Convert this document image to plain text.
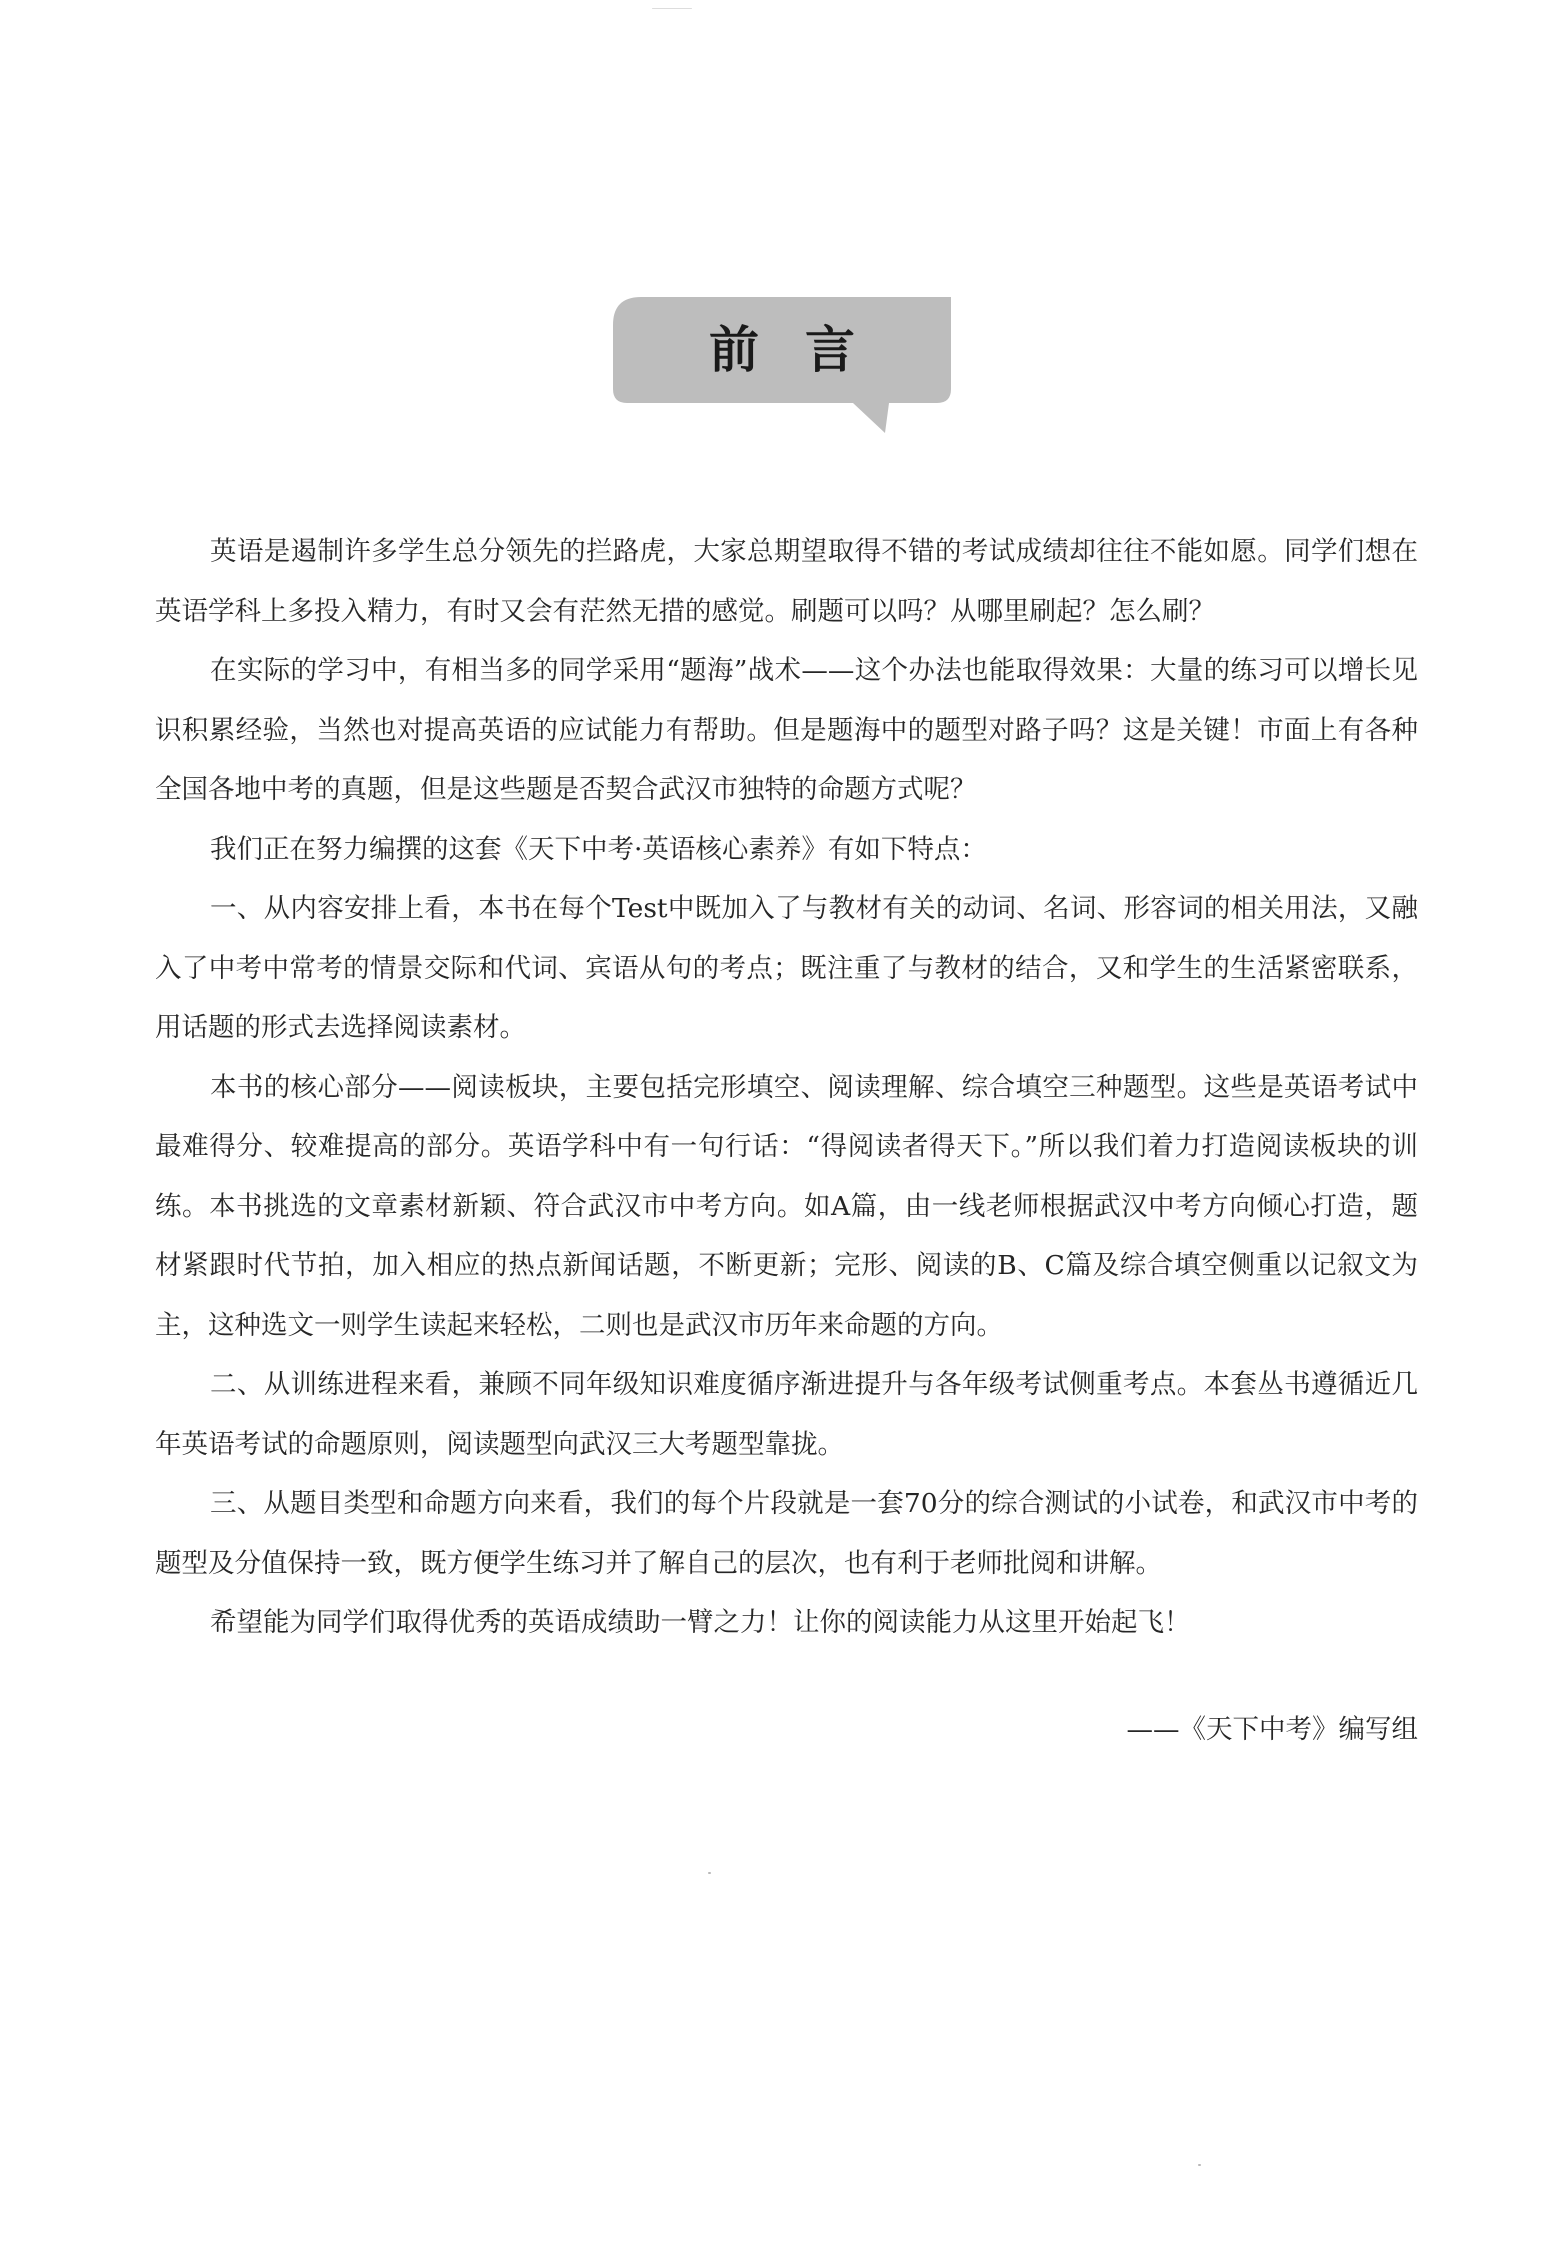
前言

英语是遏制许多学生总分领先的拦路虎，大家总期望取得不错的考试成绩却往往不能如愿。同学们想在英语学科上多投入精力，有时又会有茫然无措的感觉。刷题可以吗？从哪里刷起？怎么刷？

在实际的学习中，有相当多的同学采用“题海”战术——这个办法也能取得效果：大量的练习可以增长见识积累经验，当然也对提高英语的应试能力有帮助。但是题海中的题型对路子吗？这是关键！市面上有各种全国各地中考的真题，但是这些题是否契合武汉市独特的命题方式呢？

我们正在努力编撰的这套《天下中考·英语核心素养》有如下特点：

一、从内容安排上看，本书在每个Test中既加入了与教材有关的动词、名词、形容词的相关用法，又融入了中考中常考的情景交际和代词、宾语从句的考点；既注重了与教材的结合，又和学生的生活紧密联系，用话题的形式去选择阅读素材。

本书的核心部分——阅读板块，主要包括完形填空、阅读理解、综合填空三种题型。这些是英语考试中最难得分、较难提高的部分。英语学科中有一句行话：“得阅读者得天下。”所以我们着力打造阅读板块的训练。本书挑选的文章素材新颖、符合武汉市中考方向。如A篇，由一线老师根据武汉中考方向倾心打造，题材紧跟时代节拍，加入相应的热点新闻话题，不断更新；完形、阅读的B、C篇及综合填空侧重以记叙文为主，这种选文一则学生读起来轻松，二则也是武汉市历年来命题的方向。

二、从训练进程来看，兼顾不同年级知识难度循序渐进提升与各年级考试侧重考点。本套丛书遵循近几年英语考试的命题原则，阅读题型向武汉三大考题型靠拢。

三、从题目类型和命题方向来看，我们的每个片段就是一套70分的综合测试的小试卷，和武汉市中考的题型及分值保持一致，既方便学生练习并了解自己的层次，也有利于老师批阅和讲解。

希望能为同学们取得优秀的英语成绩助一臂之力！让你的阅读能力从这里开始起飞！

——《天下中考》编写组
